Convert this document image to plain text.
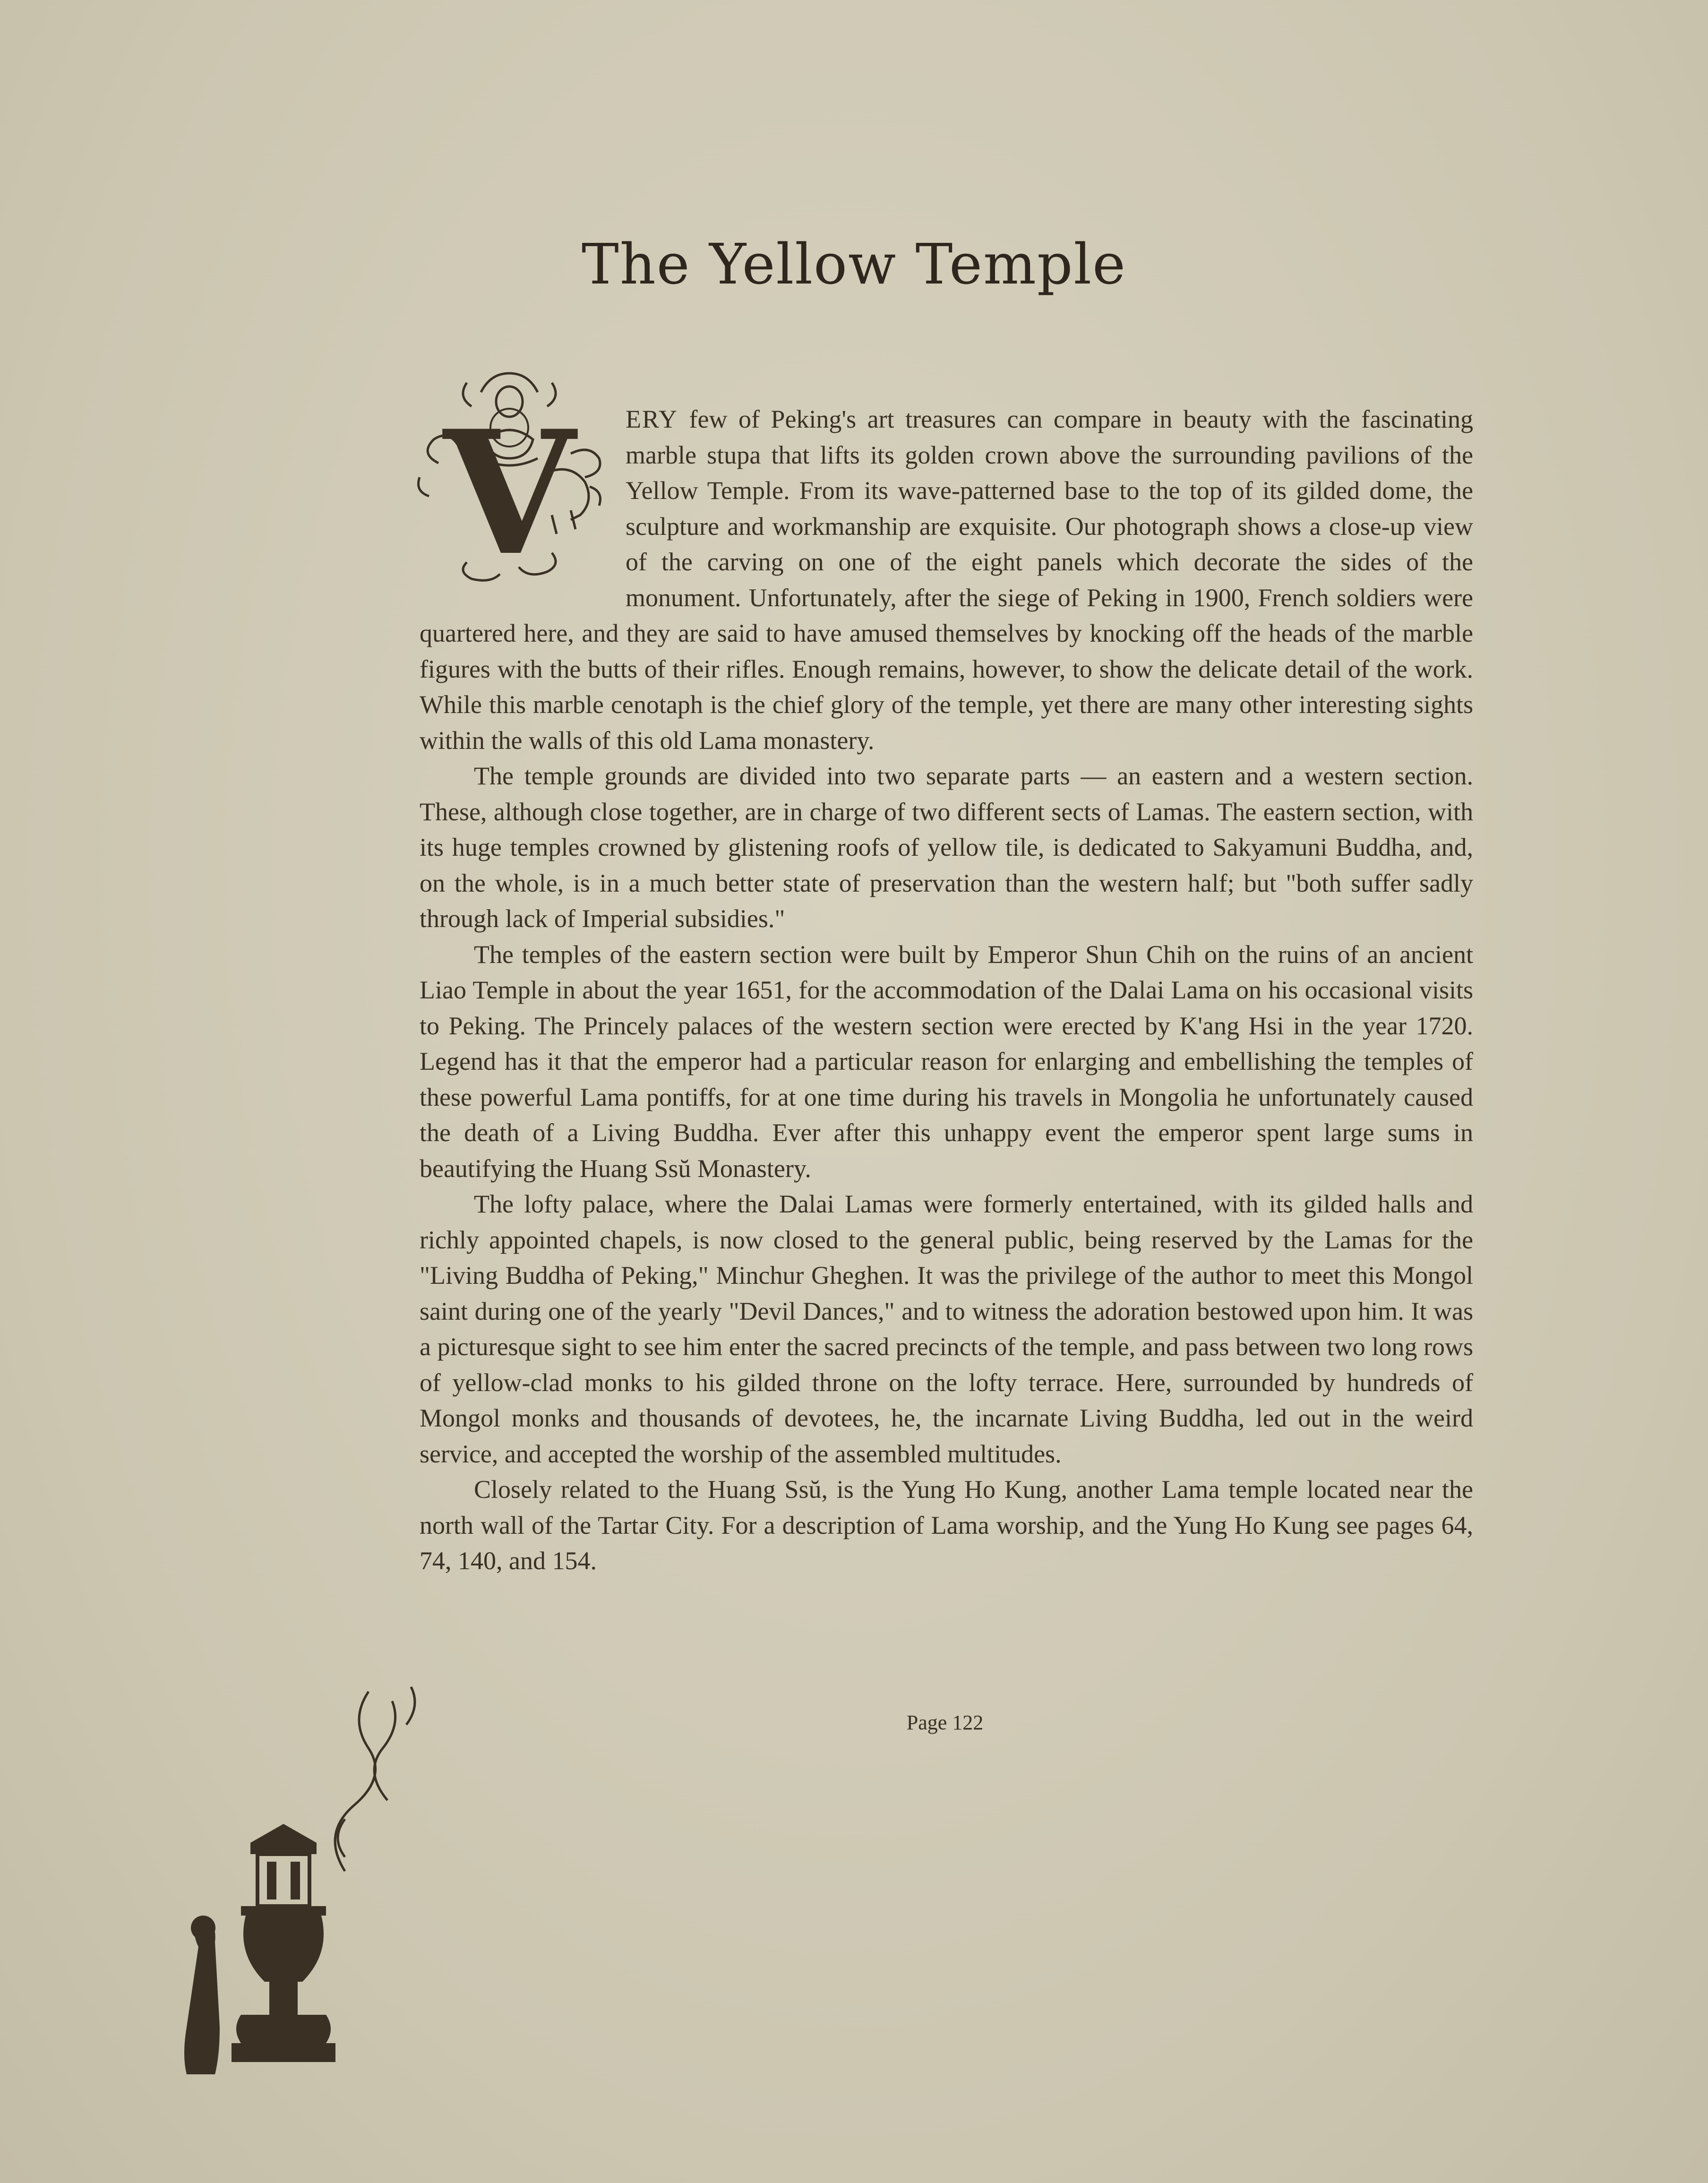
The Yellow Temple

V ERY few of Peking's art treasures can compare in beauty with the fascinating marble stupa that lifts its golden crown above the surrounding pavilions of the Yellow Temple. From its wave-patterned base to the top of its gilded dome, the sculpture and workmanship are exquisite. Our photograph shows a close-up view of the carving on one of the eight panels which decorate the sides of the monument. Unfortunately, after the siege of Peking in 1900, French soldiers were quartered here, and they are said to have amused themselves by knocking off the heads of the marble figures with the butts of their rifles. Enough remains, however, to show the delicate detail of the work. While this marble cenotaph is the chief glory of the temple, yet there are many other interesting sights within the walls of this old Lama monastery.

The temple grounds are divided into two separate parts — an eastern and a western section. These, although close together, are in charge of two different sects of Lamas. The eastern section, with its huge temples crowned by glistening roofs of yellow tile, is dedicated to Sakyamuni Buddha, and, on the whole, is in a much better state of preservation than the western half; but "both suffer sadly through lack of Imperial subsidies."

The temples of the eastern section were built by Emperor Shun Chih on the ruins of an ancient Liao Temple in about the year 1651, for the accommodation of the Dalai Lama on his occasional visits to Peking. The Princely palaces of the western section were erected by K'ang Hsi in the year 1720. Legend has it that the emperor had a particular reason for enlarging and embellishing the temples of these powerful Lama pontiffs, for at one time during his travels in Mongolia he unfortunately caused the death of a Living Buddha. Ever after this unhappy event the emperor spent large sums in beautifying the Huang Ssŭ Monastery.

The lofty palace, where the Dalai Lamas were formerly entertained, with its gilded halls and richly appointed chapels, is now closed to the general public, being reserved by the Lamas for the "Living Buddha of Peking," Minchur Gheghen. It was the privilege of the author to meet this Mongol saint during one of the yearly "Devil Dances," and to witness the adoration bestowed upon him. It was a picturesque sight to see him enter the sacred precincts of the temple, and pass between two long rows of yellow-clad monks to his gilded throne on the lofty terrace. Here, surrounded by hundreds of Mongol monks and thousands of devotees, he, the incarnate Living Buddha, led out in the weird service, and accepted the worship of the assembled multitudes.

Closely related to the Huang Ssŭ, is the Yung Ho Kung, another Lama temple located near the north wall of the Tartar City. For a description of Lama worship, and the Yung Ho Kung see pages 64, 74, 140, and 154.

Page 122
